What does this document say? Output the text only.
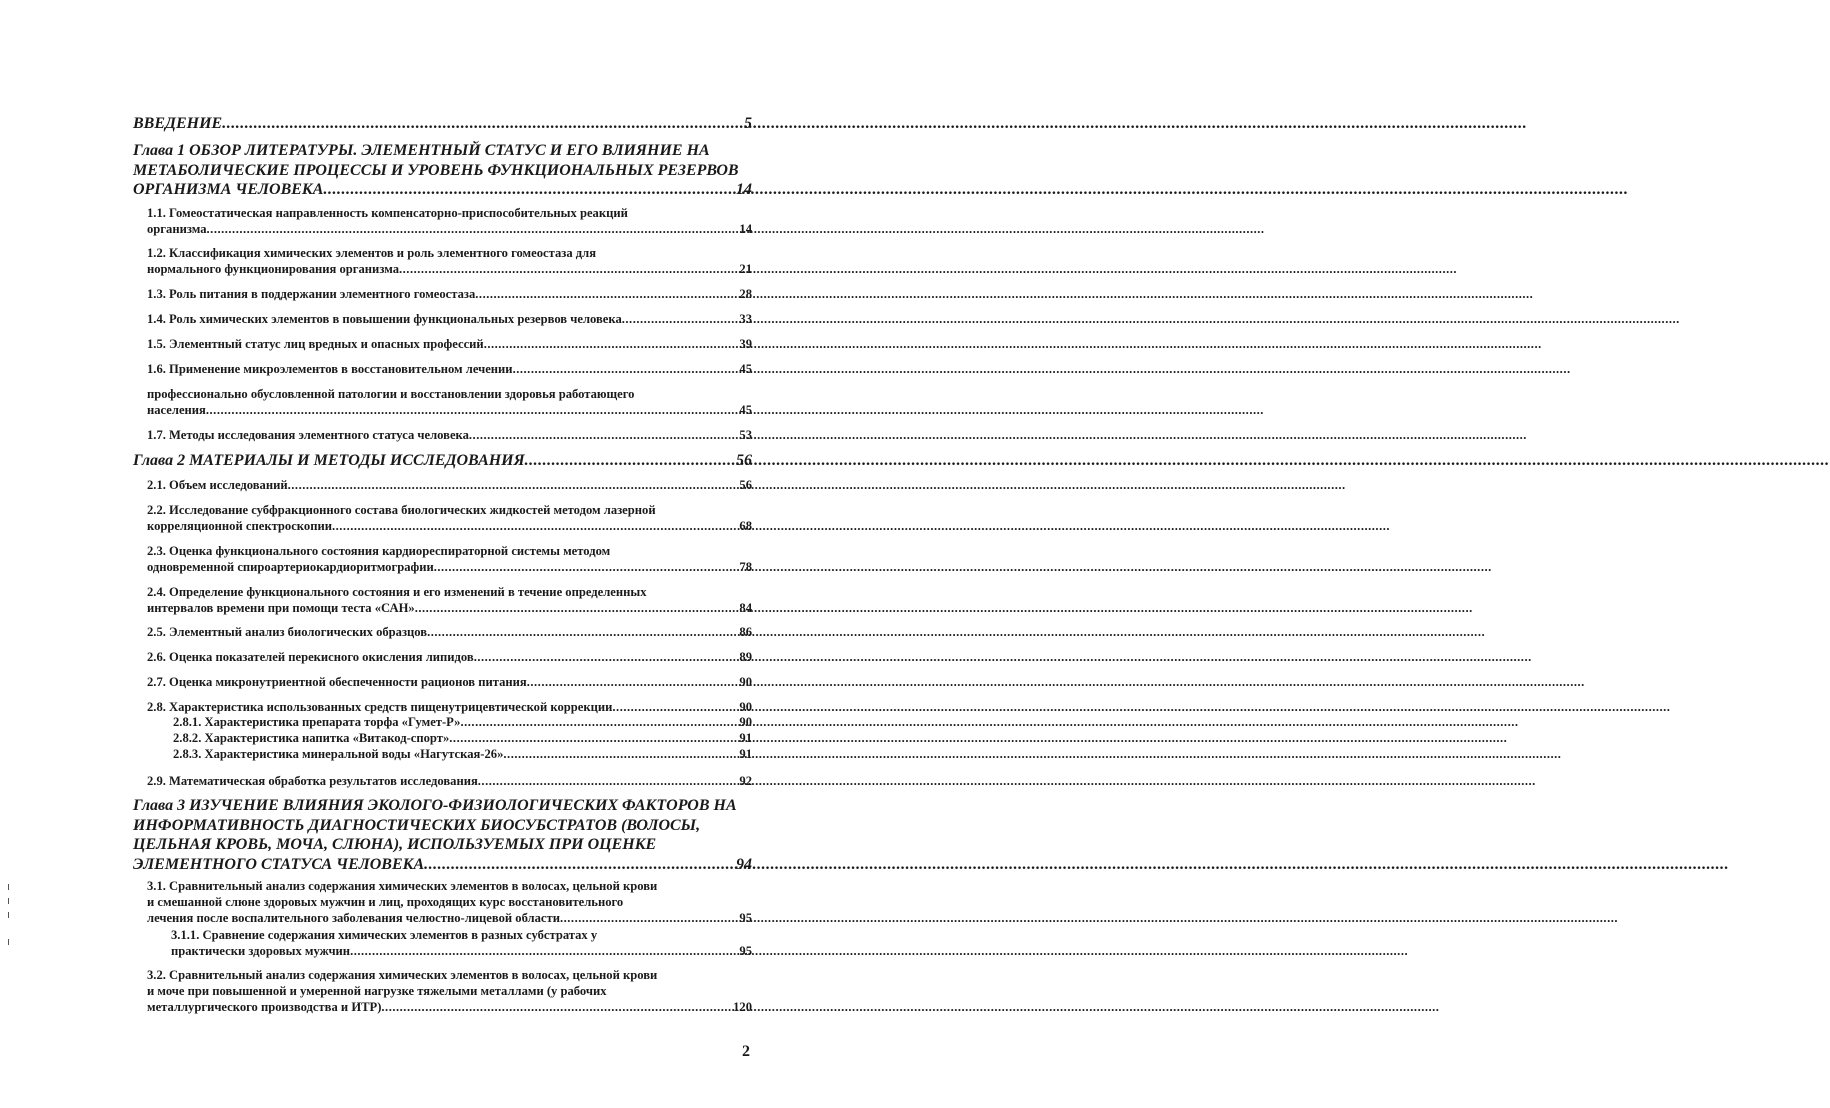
ВВЕДЕНИЕ .....	5
Глава 1 ОБЗОР ЛИТЕРАТУРЫ. ЭЛЕМЕНТНЫЙ СТАТУС И ЕГО ВЛИЯНИЕ НА
МЕТАБОЛИЧЕСКИЕ ПРОЦЕССЫ И УРОВЕНЬ ФУНКЦИОНАЛЬНЫХ РЕЗЕРВОВ
ОРГАНИЗМА ЧЕЛОВЕКА .....	14
1.1. Гомеостатическая направленность компенсаторно-приспособительных реакций
организма .....	14
1.2. Классификация химических элементов и роль элементного гомеостаза для
нормального функционирования организма .....	21
1.3. Роль питания в поддержании элементного гомеостаза .....	28
1.4. Роль химических элементов в повышении функциональных резервов человека .....	33
1.5. Элементный статус лиц вредных и опасных профессий .....	39
1.6. Применение микроэлементов в восстановительном лечении .....	45
профессионально обусловленной патологии и восстановлении здоровья работающего
населения .....	45
1.7. Методы исследования элементного статуса человека .....	53
Глава 2 МАТЕРИАЛЫ И МЕТОДЫ ИССЛЕДОВАНИЯ .....	56
2.1. Объем исследований .....	56
2.2. Исследование субфракционного состава биологических жидкостей методом лазерной
корреляционной спектроскопии .....	68
2.3. Оценка функционального состояния кардиореспираторной системы методом
одновременной спироартериокардиоритмографии .....	78
2.4. Определение функционального состояния и его изменений в течение определенных
интервалов времени при помощи теста «САН» .....	84
2.5. Элементный анализ биологических образцов .....	86
2.6. Оценка показателей перекисного окисления липидов .....	89
2.7. Оценка микронутриентной обеспеченности рационов питания .....	90
2.8. Характеристика использованных средств пищенутрицевтической коррекции .....	90
2.8.1. Характеристика препарата торфа «Гумет-Р» .....	90
2.8.2. Характеристика напитка «Витакод-спорт» .....	91
2.8.3. Характеристика минеральной воды «Нагутская-26» .....	91
2.9. Математическая обработка результатов исследования .....	92
Глава 3 ИЗУЧЕНИЕ ВЛИЯНИЯ ЭКОЛОГО-ФИЗИОЛОГИЧЕСКИХ ФАКТОРОВ НА
ИНФОРМАТИВНОСТЬ ДИАГНОСТИЧЕСКИХ БИОСУБСТРАТОВ (ВОЛОСЫ,
ЦЕЛЬНАЯ КРОВЬ, МОЧА, СЛЮНА), ИСПОЛЬЗУЕМЫХ ПРИ ОЦЕНКЕ
ЭЛЕМЕНТНОГО СТАТУСА ЧЕЛОВЕКА .....	94
3.1. Сравнительный анализ содержания химических элементов в волосах, цельной крови
и смешанной слюне здоровых мужчин и лиц, проходящих курс восстановительного
лечения после воспалительного заболевания челюстно-лицевой области .....	95
3.1.1. Сравнение содержания химических элементов в разных субстратах у
практически здоровых мужчин .....	95
3.2. Сравнительный анализ содержания химических элементов в волосах, цельной крови
и моче при повышенной и умеренной нагрузке тяжелыми металлами (у рабочих
металлургического производства и ИТР) .....	120
2
